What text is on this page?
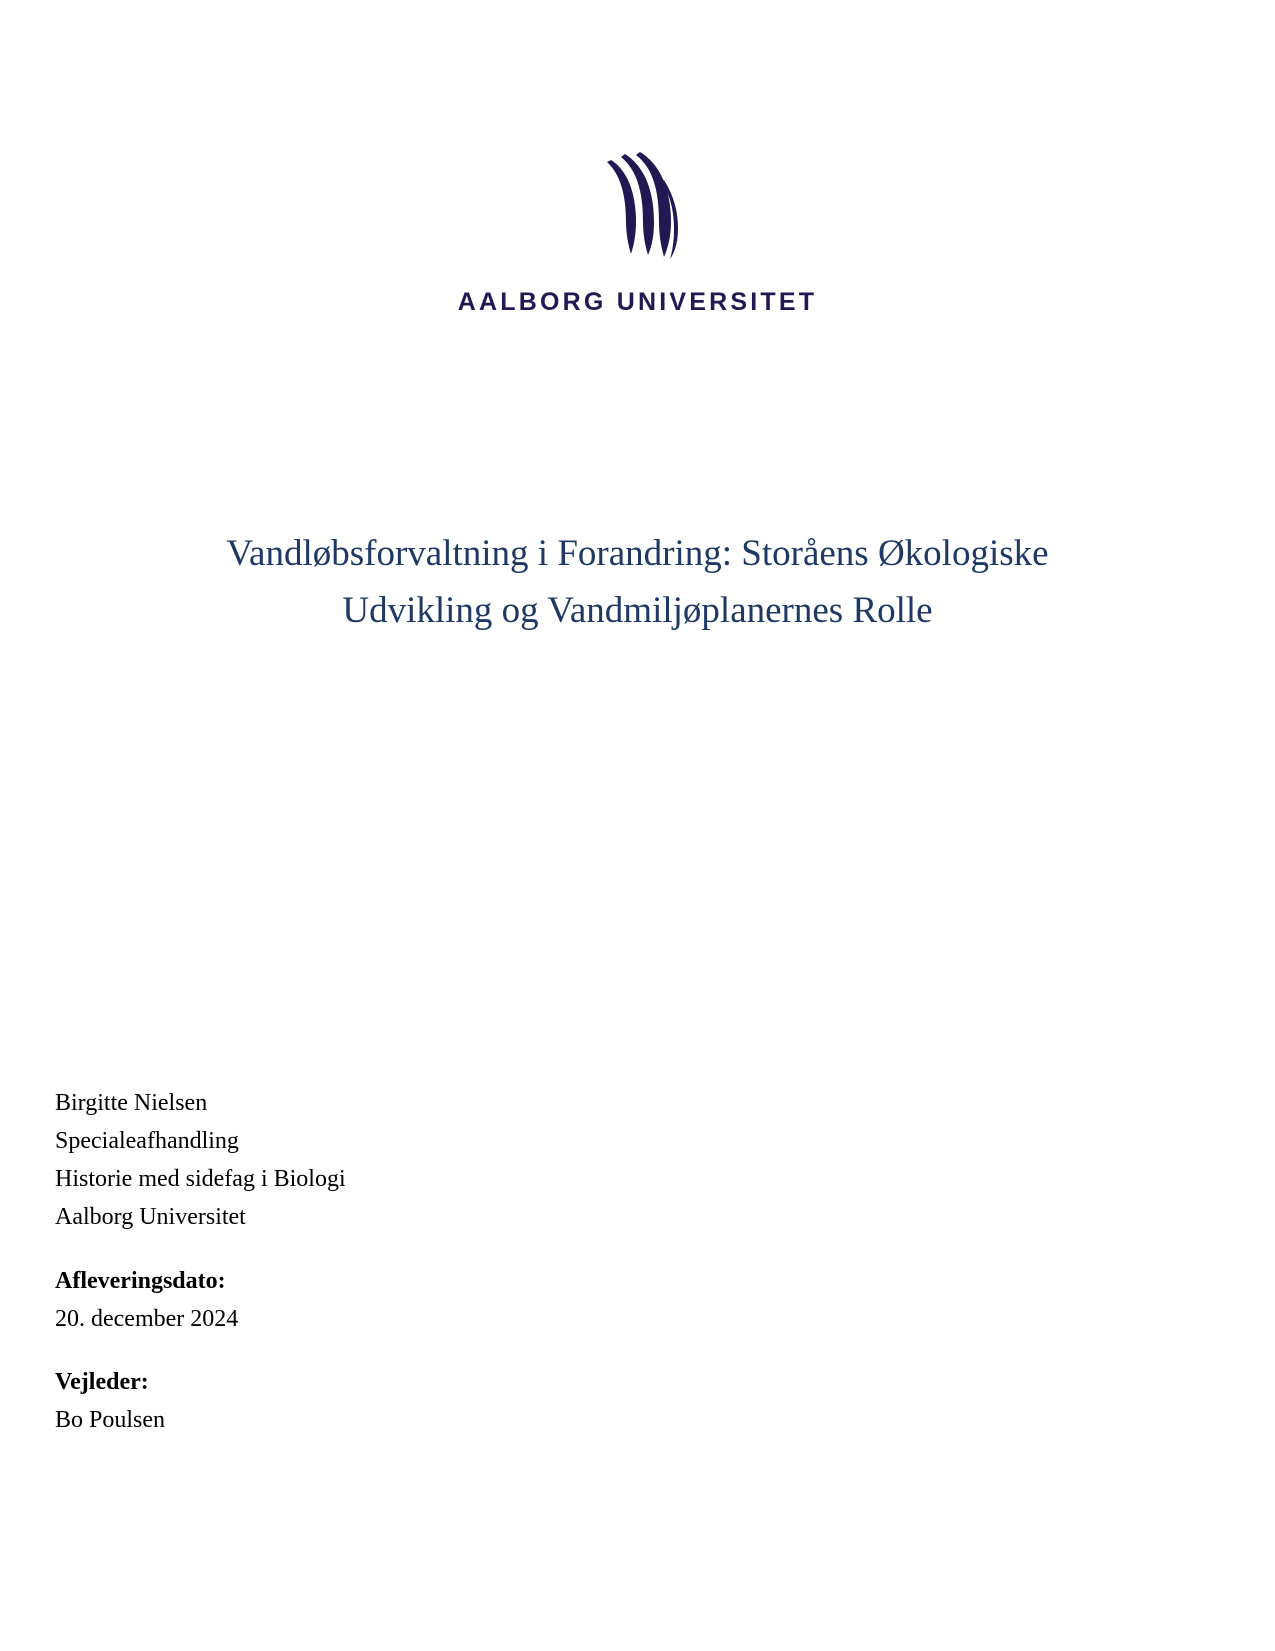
AALBORG UNIVERSITET
Vandløbsforvaltning i Forandring: Storåens Økologiske
Udvikling og Vandmiljøplanernes Rolle
Birgitte Nielsen
Specialeafhandling
Historie med sidefag i Biologi
Aalborg Universitet
Afleveringsdato:
20. december 2024
Vejleder:
Bo Poulsen
